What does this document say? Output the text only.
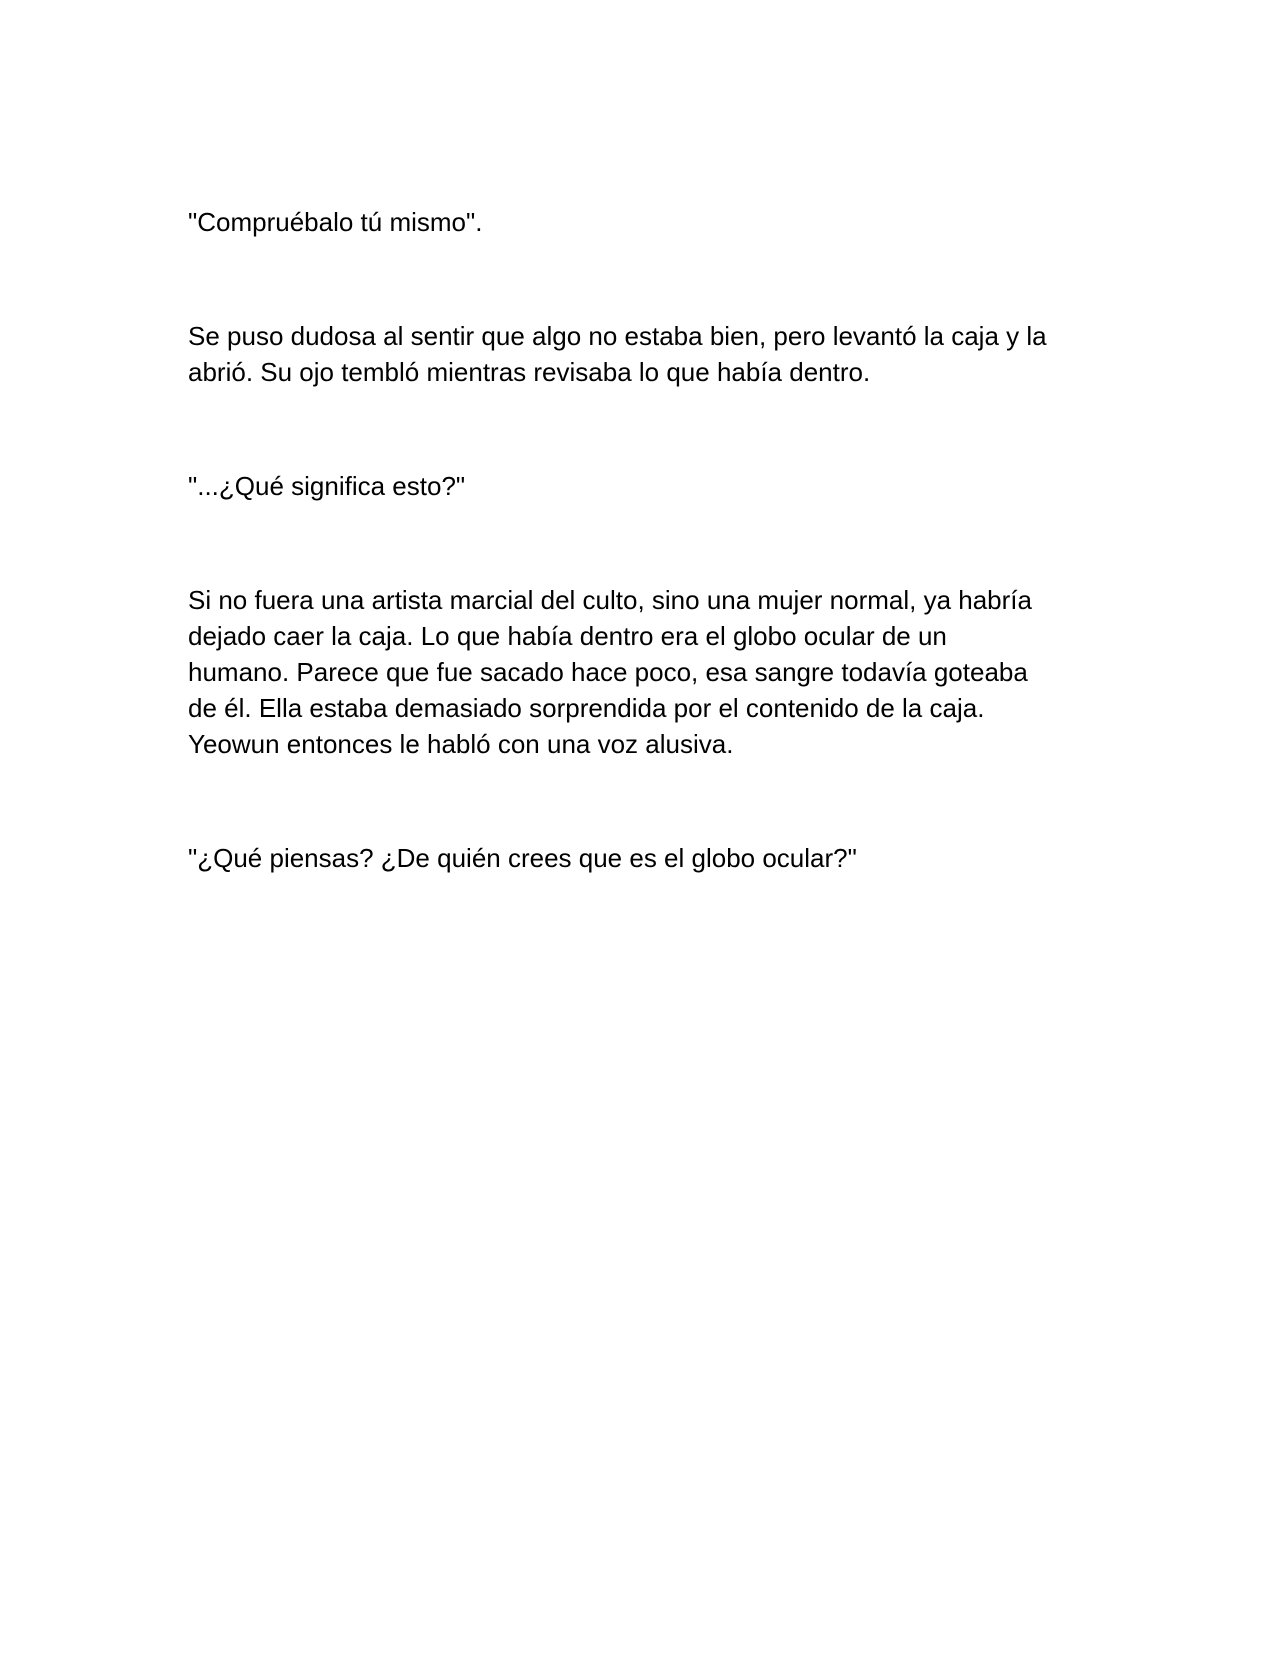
"Compruébalo tú mismo".

Se puso dudosa al sentir que algo no estaba bien, pero levantó la caja y la
abrió. Su ojo tembló mientras revisaba lo que había dentro.

"...¿Qué significa esto?"

Si no fuera una artista marcial del culto, sino una mujer normal, ya habría
dejado caer la caja. Lo que había dentro era el globo ocular de un
humano. Parece que fue sacado hace poco, esa sangre todavía goteaba
de él. Ella estaba demasiado sorprendida por el contenido de la caja.
Yeowun entonces le habló con una voz alusiva.

"¿Qué piensas? ¿De quién crees que es el globo ocular?"
